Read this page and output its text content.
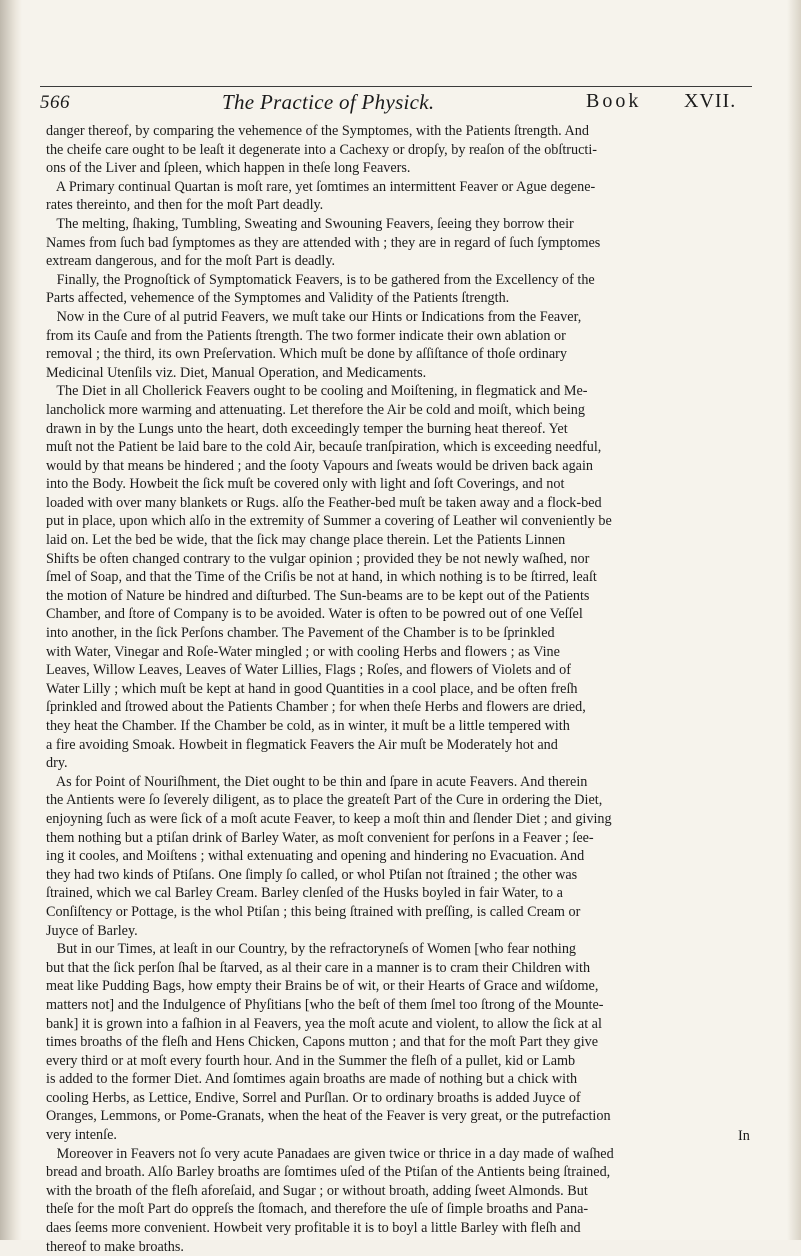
566	The Practice of Physick.	Book XVII.
danger thereof, by comparing the vehemence of the Symptomes, with the Patients ſtrength. And
the cheife care ought to be leaſt it degenerate into a Cachexy or dropſy, by reaſon of the obſtructi-
ons of the Liver and ſpleen, which happen in theſe long Feavers.
A Primary continual Quartan is moſt rare, yet ſomtimes an intermittent Feaver or Ague degene-
rates thereinto, and then for the moſt Part deadly.
The melting, ſhaking, Tumbling, Sweating and Swouning Feavers, ſeeing they borrow their
Names from ſuch bad ſymptomes as they are attended with ; they are in regard of ſuch ſymptomes
extream dangerous, and for the moſt Part is deadly.
Finally, the Prognoſtick of Symptomatick Feavers, is to be gathered from the Excellency of the
Parts affected, vehemence of the Symptomes and Validity of the Patients ſtrength.
Now in the Cure of al putrid Feavers, we muſt take our Hints or Indications from the Feaver,
from its Cauſe and from the Patients ſtrength. The two former indicate their own ablation or
removal ; the third, its own Preſervation. Which muſt be done by aſſiſtance of thoſe ordinary
Medicinal Utenſils viz. Diet, Manual Operation, and Medicaments.
The Diet in all Chollerick Feavers ought to be cooling and Moiſtening, in flegmatick and Me-
lancholick more warming and attenuating. Let therefore the Air be cold and moiſt, which being
drawn in by the Lungs unto the heart, doth exceedingly temper the burning heat thereof. Yet
muſt not the Patient be laid bare to the cold Air, becauſe tranſpiration, which is exceeding needful,
would by that means be hindered ; and the ſooty Vapours and ſweats would be driven back again
into the Body. Howbeit the ſick muſt be covered only with light and ſoft Coverings, and not
loaded with over many blankets or Rugs. alſo the Feather-bed muſt be taken away and a flock-bed
put in place, upon which alſo in the extremity of Summer a covering of Leather wil conveniently be
laid on. Let the bed be wide, that the ſick may change place therein. Let the Patients Linnen
Shifts be often changed contrary to the vulgar opinion ; provided they be not newly waſhed, nor
ſmel of Soap, and that the Time of the Criſis be not at hand, in which nothing is to be ſtirred, leaſt
the motion of Nature be hindred and diſturbed. The Sun-beams are to be kept out of the Patients
Chamber, and ſtore of Company is to be avoided. Water is often to be powred out of one Veſſel
into another, in the ſick Perſons chamber. The Pavement of the Chamber is to be ſprinkled
with Water, Vinegar and Roſe-Water mingled ; or with cooling Herbs and flowers ; as Vine
Leaves, Willow Leaves, Leaves of Water Lillies, Flags ; Roſes, and flowers of Violets and of
Water Lilly ; which muſt be kept at hand in good Quantities in a cool place, and be often freſh
ſprinkled and ſtrowed about the Patients Chamber ; for when theſe Herbs and flowers are dried,
they heat the Chamber. If the Chamber be cold, as in winter, it muſt be a little tempered with
a fire avoiding Smoak. Howbeit in flegmatick Feavers the Air muſt be Moderately hot and
dry.
As for Point of Nouriſhment, the Diet ought to be thin and ſpare in acute Feavers. And therein
the Antients were ſo ſeverely diligent, as to place the greateſt Part of the Cure in ordering the Diet,
enjoyning ſuch as were ſick of a moſt acute Feaver, to keep a moſt thin and ſlender Diet ; and giving
them nothing but a ptiſan drink of Barley Water, as moſt convenient for perſons in a Feaver ; ſee-
ing it cooles, and Moiſtens ; withal extenuating and opening and hindering no Evacuation. And
they had two kinds of Ptiſans. One ſimply ſo called, or whol Ptiſan not ſtrained ; the other was
ſtrained, which we cal Barley Cream. Barley clenſed of the Husks boyled in fair Water, to a
Conſiſtency or Pottage, is the whol Ptiſan ; this being ſtrained with preſſing, is called Cream or
Juyce of Barley.
But in our Times, at leaſt in our Country, by the refractoryneſs of Women [who fear nothing
but that the ſick perſon ſhal be ſtarved, as al their care in a manner is to cram their Children with
meat like Pudding Bags, how empty their Brains be of wit, or their Hearts of Grace and wiſdome,
matters not] and the Indulgence of Phyſitians [who the beſt of them ſmel too ſtrong of the Mounte-
bank] it is grown into a faſhion in al Feavers, yea the moſt acute and violent, to allow the ſick at al
times broaths of the fleſh and Hens Chicken, Capons mutton ; and that for the moſt Part they give
every third or at moſt every fourth hour. And in the Summer the fleſh of a pullet, kid or Lamb
is added to the former Diet. And ſomtimes again broaths are made of nothing but a chick with
cooling Herbs, as Lettice, Endive, Sorrel and Purſlan. Or to ordinary broaths is added Juyce of
Oranges, Lemmons, or Pome-Granats, when the heat of the Feaver is very great, or the putrefaction
very intenſe.
Moreover in Feavers not ſo very acute Panadaes are given twice or thrice in a day made of waſhed
bread and broath. Alſo Barley broaths are ſomtimes uſed of the Ptiſan of the Antients being ſtrained,
with the broath of the fleſh aforeſaid, and Sugar ; or without broath, adding ſweet Almonds. But
theſe for the moſt Part do oppreſs the ſtomach, and therefore the uſe of ſimple broaths and Pana-
daes ſeems more convenient. Howbeit very profitable it is to boyl a little Barley with fleſh and
thereof to make broaths.
In
